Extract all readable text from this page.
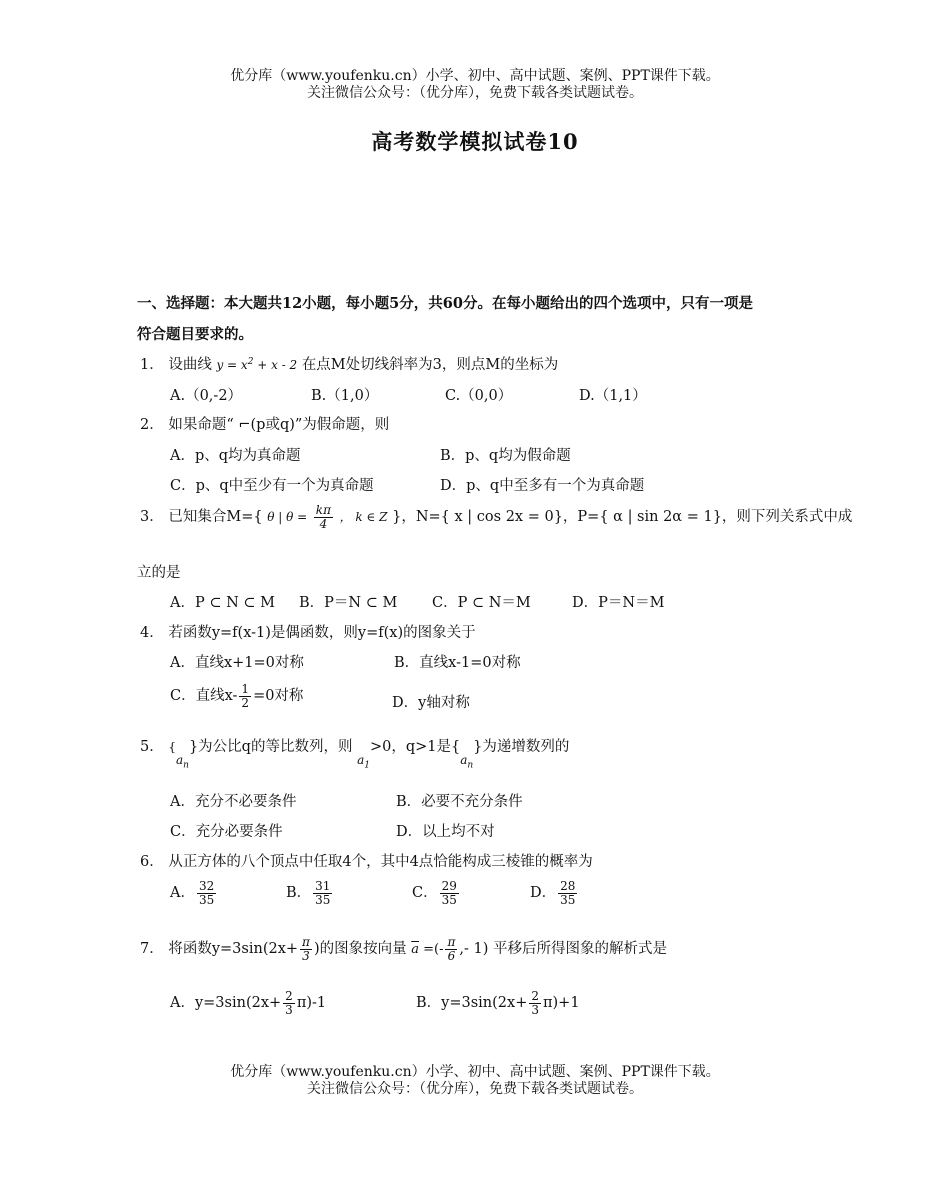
优分库（www.youfenku.cn）小学、初中、高中试题、案例、PPT课件下载。
关注微信公众号：（优分库），免费下载各类试题试卷。
高考数学模拟试卷10
一、选择题：本大题共12小题，每小题5分，共60分。在每小题给出的四个选项中，只有一项是
符合题目要求的。
1． 设曲线 $y = x^2 + x - 2$ 在点M处切线斜率为3，则点M的坐标为
A.（0,-2）	B.（1,0）	C.（0,0）	D.（1,1）
2． 如果命题“ ⌐(p或q)”为假命题，则
A．p、q均为真命题	B．p、q均为假命题
C．p、q中至少有一个为真命题	D．p、q中至多有一个为真命题
3． 已知集合M={ θ | $\theta = \frac{k\pi}{4}$ ， k ∈ Z }，N={ x | cos 2x = 0}，P={ α | sin 2α = 1}，则下列关系式中成
立的是
A．P ⊂ N ⊂ M B．P＝N ⊂ M C．P ⊂ N＝M	D．P＝N＝M
4． 若函数y=f(x-1)是偶函数，则y=f(x)的图象关于
A．直线x+1=0对称	B．直线x-1=0对称
C．直线$x- \frac{1}{2} =0$对称	D．y轴对称
5． $\{_{a_n}\}$为公比q的等比数列，则 $_{a_1}$>0，q>1是$\{_{a_n}\}$为递增数列的
A．充分不必要条件	B．必要不充分条件
C．充分必要条件	D．以上均不对
6． 从正方体的八个顶点中任取4个，其中4点恰能构成三棱锥的概率为
A． $\frac{32}{35}$	B． $\frac{31}{35}$	C． $\frac{29}{35}$	D． $\frac{28}{35}$
7． 将函数$y=3\sin(2x+ \frac{\pi}{3}$ )的图象按向量 $\overline{a}$ =(- $\frac{\pi}{6}$ ,- 1) 平移后所得图象的解析式是
A．$y=3\sin(2x+ \frac{2}{3} \pi)-1$	B．$y=3\sin(2x+ \frac{2}{3} \pi)+1$
优分库（www.youfenku.cn）小学、初中、高中试题、案例、PPT课件下载。
关注微信公众号：（优分库），免费下载各类试题试卷。
